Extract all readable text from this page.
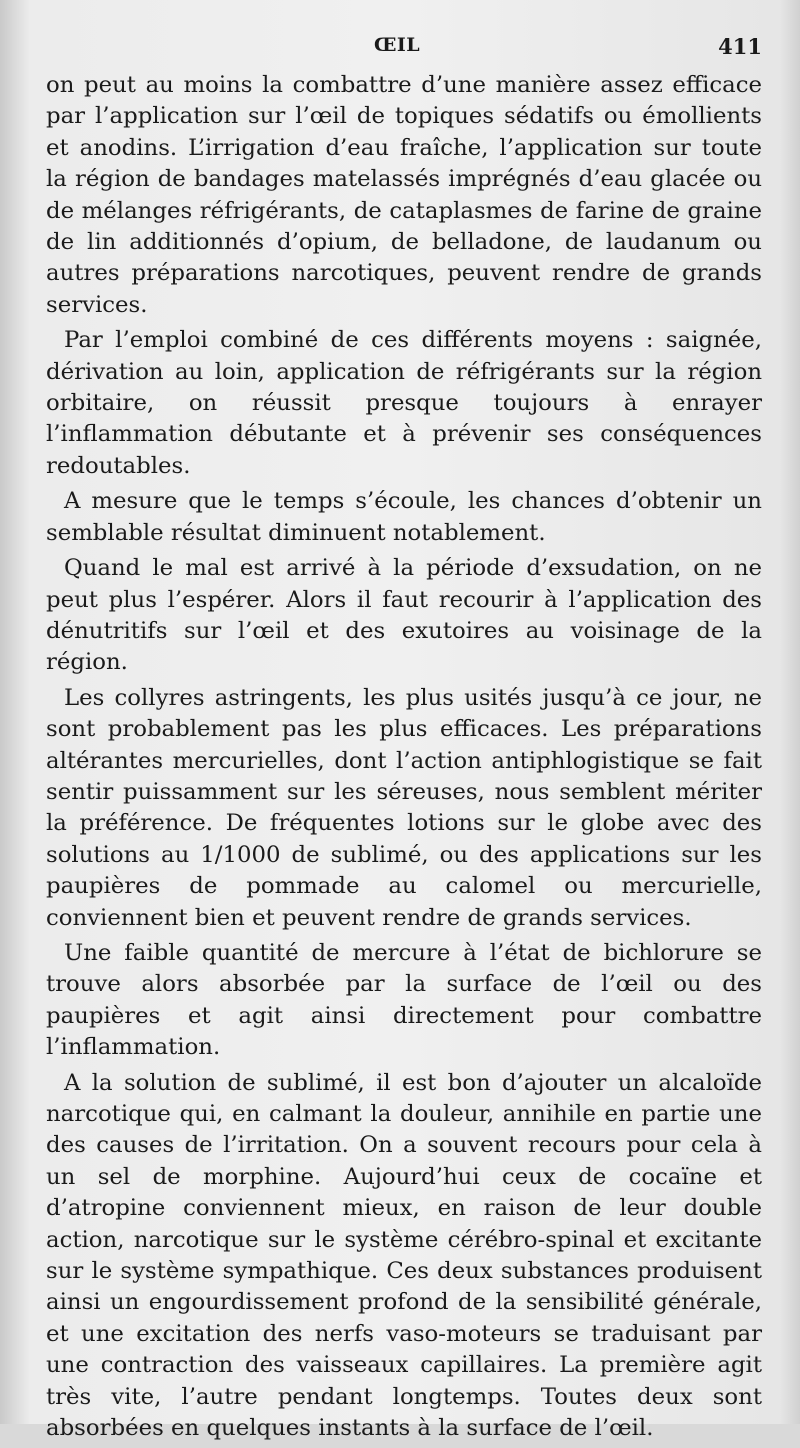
ŒIL	411

on peut au moins la combattre d’une manière assez efficace par l’application sur l’œil de topiques sédatifs ou émollients et anodins. L’irrigation d’eau fraîche, l’application sur toute la région de bandages matelassés imprégnés d’eau glacée ou de mélanges réfrigérants, de cataplasmes de farine de graine de lin additionnés d’opium, de belladone, de laudanum ou autres préparations narcotiques, peuvent rendre de grands services.

Par l’emploi combiné de ces différents moyens : saignée, dérivation au loin, application de réfrigérants sur la région orbitaire, on réussit presque toujours à enrayer l’inflammation débutante et à prévenir ses conséquences redoutables.

A mesure que le temps s’écoule, les chances d’obtenir un semblable résultat diminuent notablement.

Quand le mal est arrivé à la période d’exsudation, on ne peut plus l’espérer. Alors il faut recourir à l’application des dénutritifs sur l’œil et des exutoires au voisinage de la région.

Les collyres astringents, les plus usités jusqu’à ce jour, ne sont probablement pas les plus efficaces. Les préparations altérantes mercurielles, dont l’action antiphlogistique se fait sentir puissamment sur les séreuses, nous semblent mériter la préférence. De fréquentes lotions sur le globe avec des solutions au 1/1000 de sublimé, ou des applications sur les paupières de pommade au calomel ou mercurielle, conviennent bien et peuvent rendre de grands services.

Une faible quantité de mercure à l’état de bichlorure se trouve alors absorbée par la surface de l’œil ou des paupières et agit ainsi directement pour combattre l’inflammation.

A la solution de sublimé, il est bon d’ajouter un alcaloïde narcotique qui, en calmant la douleur, annihile en partie une des causes de l’irritation. On a souvent recours pour cela à un sel de morphine. Aujourd’hui ceux de cocaïne et d’atropine conviennent mieux, en raison de leur double action, narcotique sur le système cérébro-spinal et excitante sur le système sympathique. Ces deux substances produisent ainsi un engourdissement profond de la sensibilité générale, et une excitation des nerfs vaso-moteurs se traduisant par une contraction des vaisseaux capillaires. La première agit très vite, l’autre pendant longtemps. Toutes deux sont absorbées en quelques instants à la surface de l’œil.
